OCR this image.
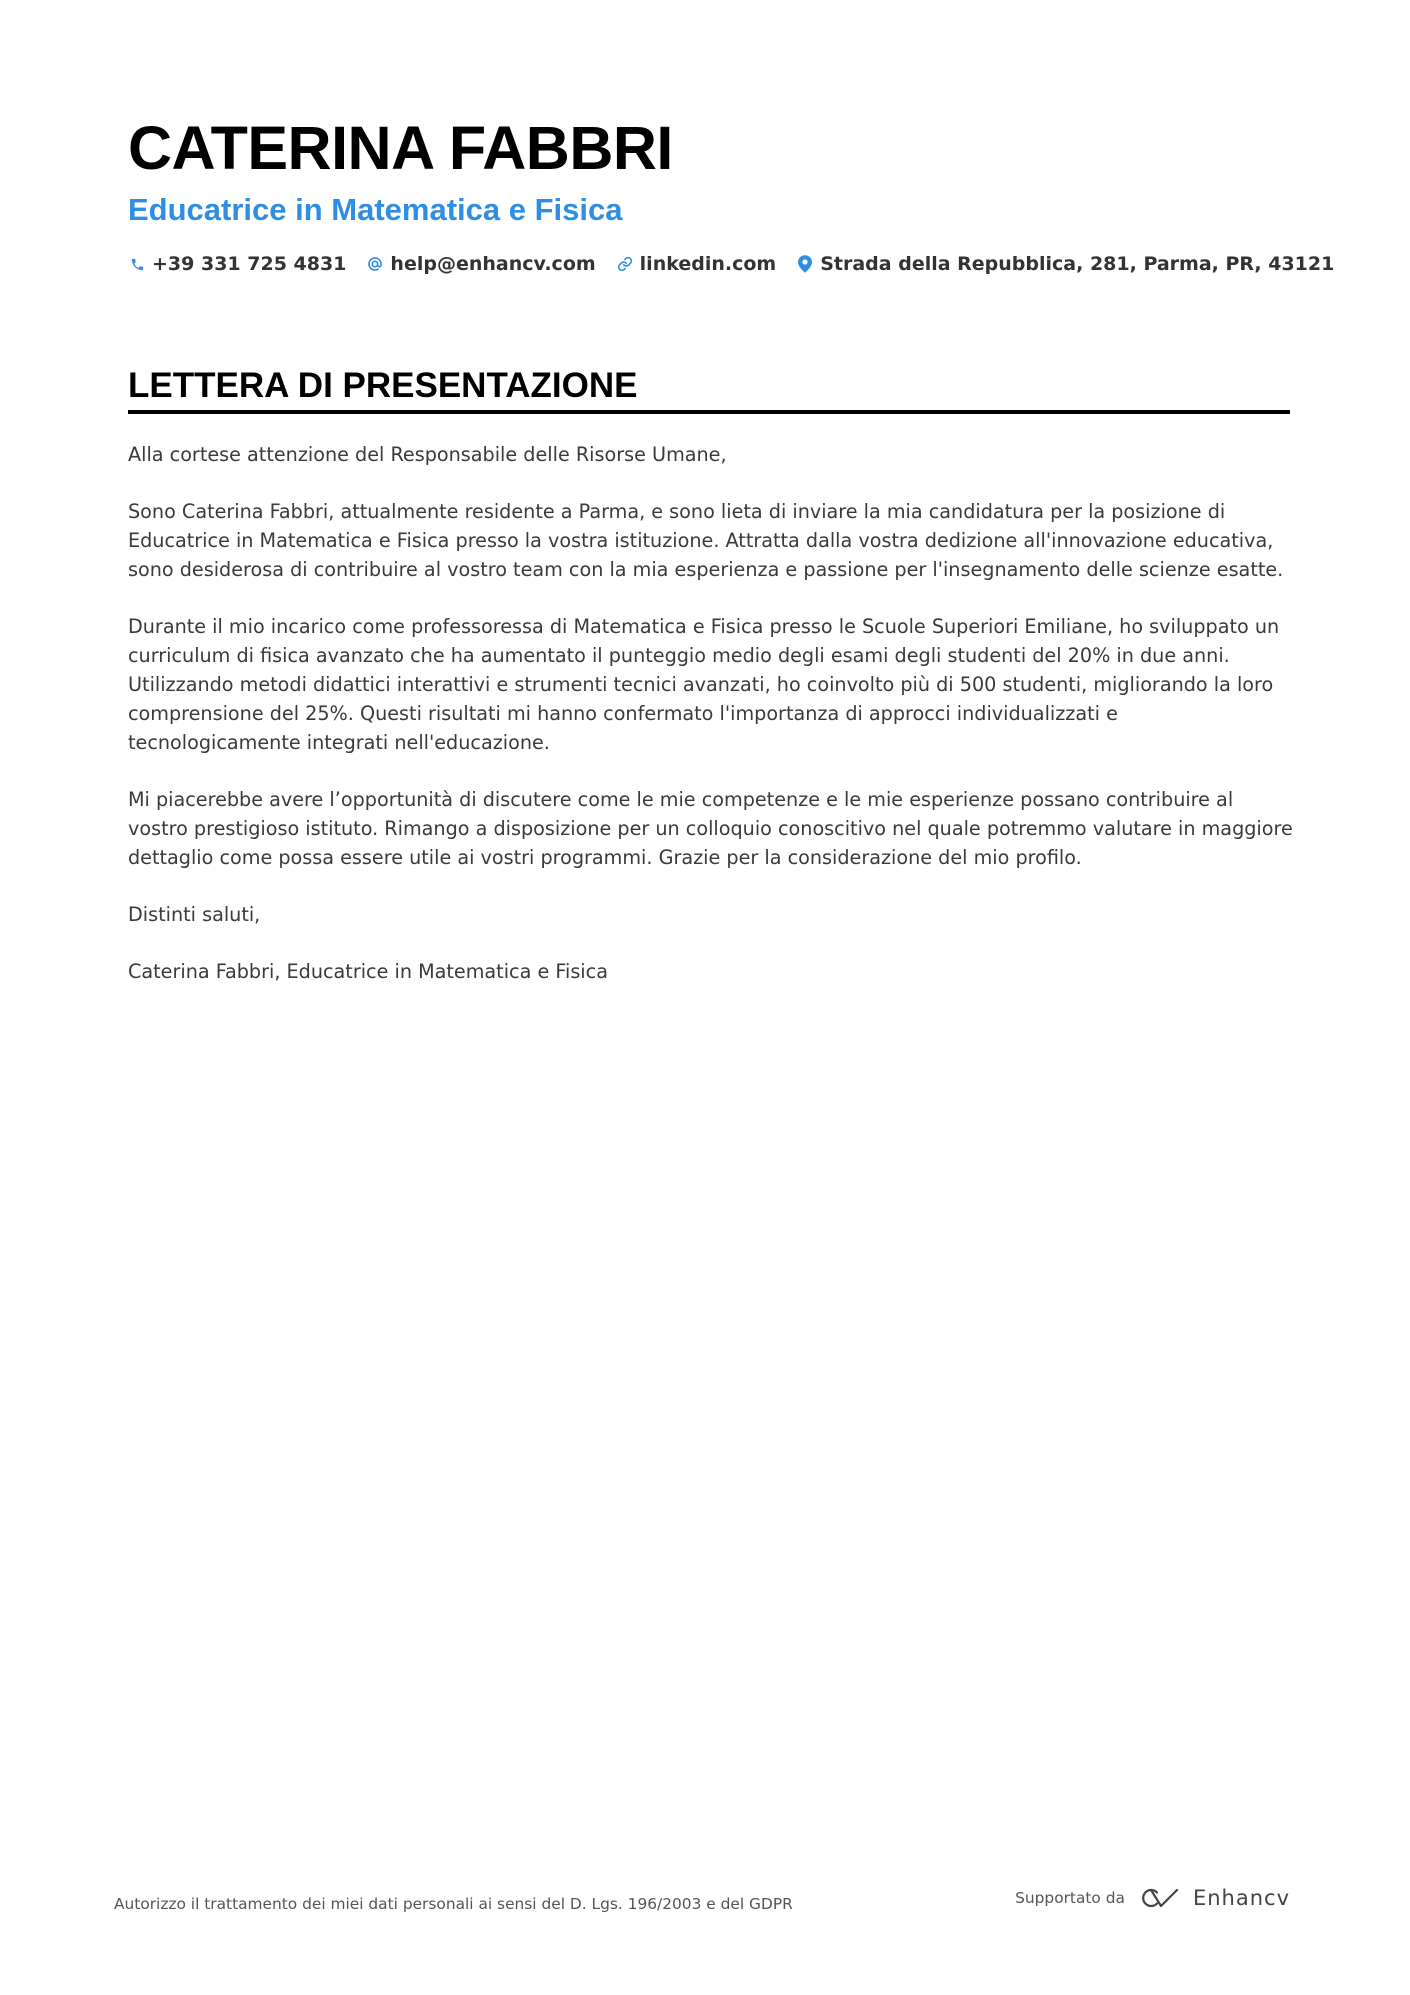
CATERINA FABBRI
Educatrice in Matematica e Fisica
+39 331 725 4831 help@enhancv.com linkedin.com Strada della Repubblica, 281, Parma, PR, 43121
LETTERA DI PRESENTAZIONE

Alla cortese attenzione del Responsabile delle Risorse Umane,

Sono Caterina Fabbri, attualmente residente a Parma, e sono lieta di inviare la mia candidatura per la posizione di Educatrice in Matematica e Fisica presso la vostra istituzione. Attratta dalla vostra dedizione all'innovazione educativa, sono desiderosa di contribuire al vostro team con la mia esperienza e passione per l'insegnamento delle scienze esatte.

Durante il mio incarico come professoressa di Matematica e Fisica presso le Scuole Superiori Emiliane, ho sviluppato un curriculum di fisica avanzato che ha aumentato il punteggio medio degli esami degli studenti del 20% in due anni. Utilizzando metodi didattici interattivi e strumenti tecnici avanzati, ho coinvolto più di 500 studenti, migliorando la loro comprensione del 25%. Questi risultati mi hanno confermato l'importanza di approcci individualizzati e tecnologicamente integrati nell'educazione.

Mi piacerebbe avere l’opportunità di discutere come le mie competenze e le mie esperienze possano contribuire al vostro prestigioso istituto. Rimango a disposizione per un colloquio conoscitivo nel quale potremmo valutare in maggiore dettaglio come possa essere utile ai vostri programmi. Grazie per la considerazione del mio profilo.

Distinti saluti,

Caterina Fabbri, Educatrice in Matematica e Fisica

Autorizzo il trattamento dei miei dati personali ai sensi del D. Lgs. 196/2003 e del GDPR	Supportato da	Enhancv
